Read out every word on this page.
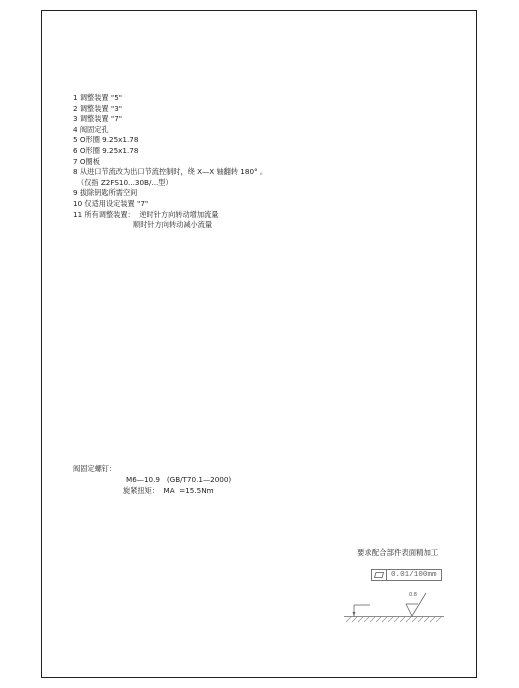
1 调整装置 "5"
2 调整装置 "3"
3 调整装置 "7"
4 阀固定孔
5 O形圈 9.25x1.78
6 O形圈 9.25x1.78
7 O圈板
8 从进口节流改为出口节流控制时，绕 X—X 轴翻转 180° 。
（仅指 Z2FS10...30B/...型）
9 拔除钥匙所需空间
10 仅适用设定装置 "7"
11 所有调整装置：  逆时针方向转动增加流量
顺时针方向转动减小流量
阀固定螺钉：
M6—10.9   (GB/T70.1—2000)
旋紧扭矩：  MA  =15.5Nm
要求配合部件表面精加工
0.01/100mm
0.8
